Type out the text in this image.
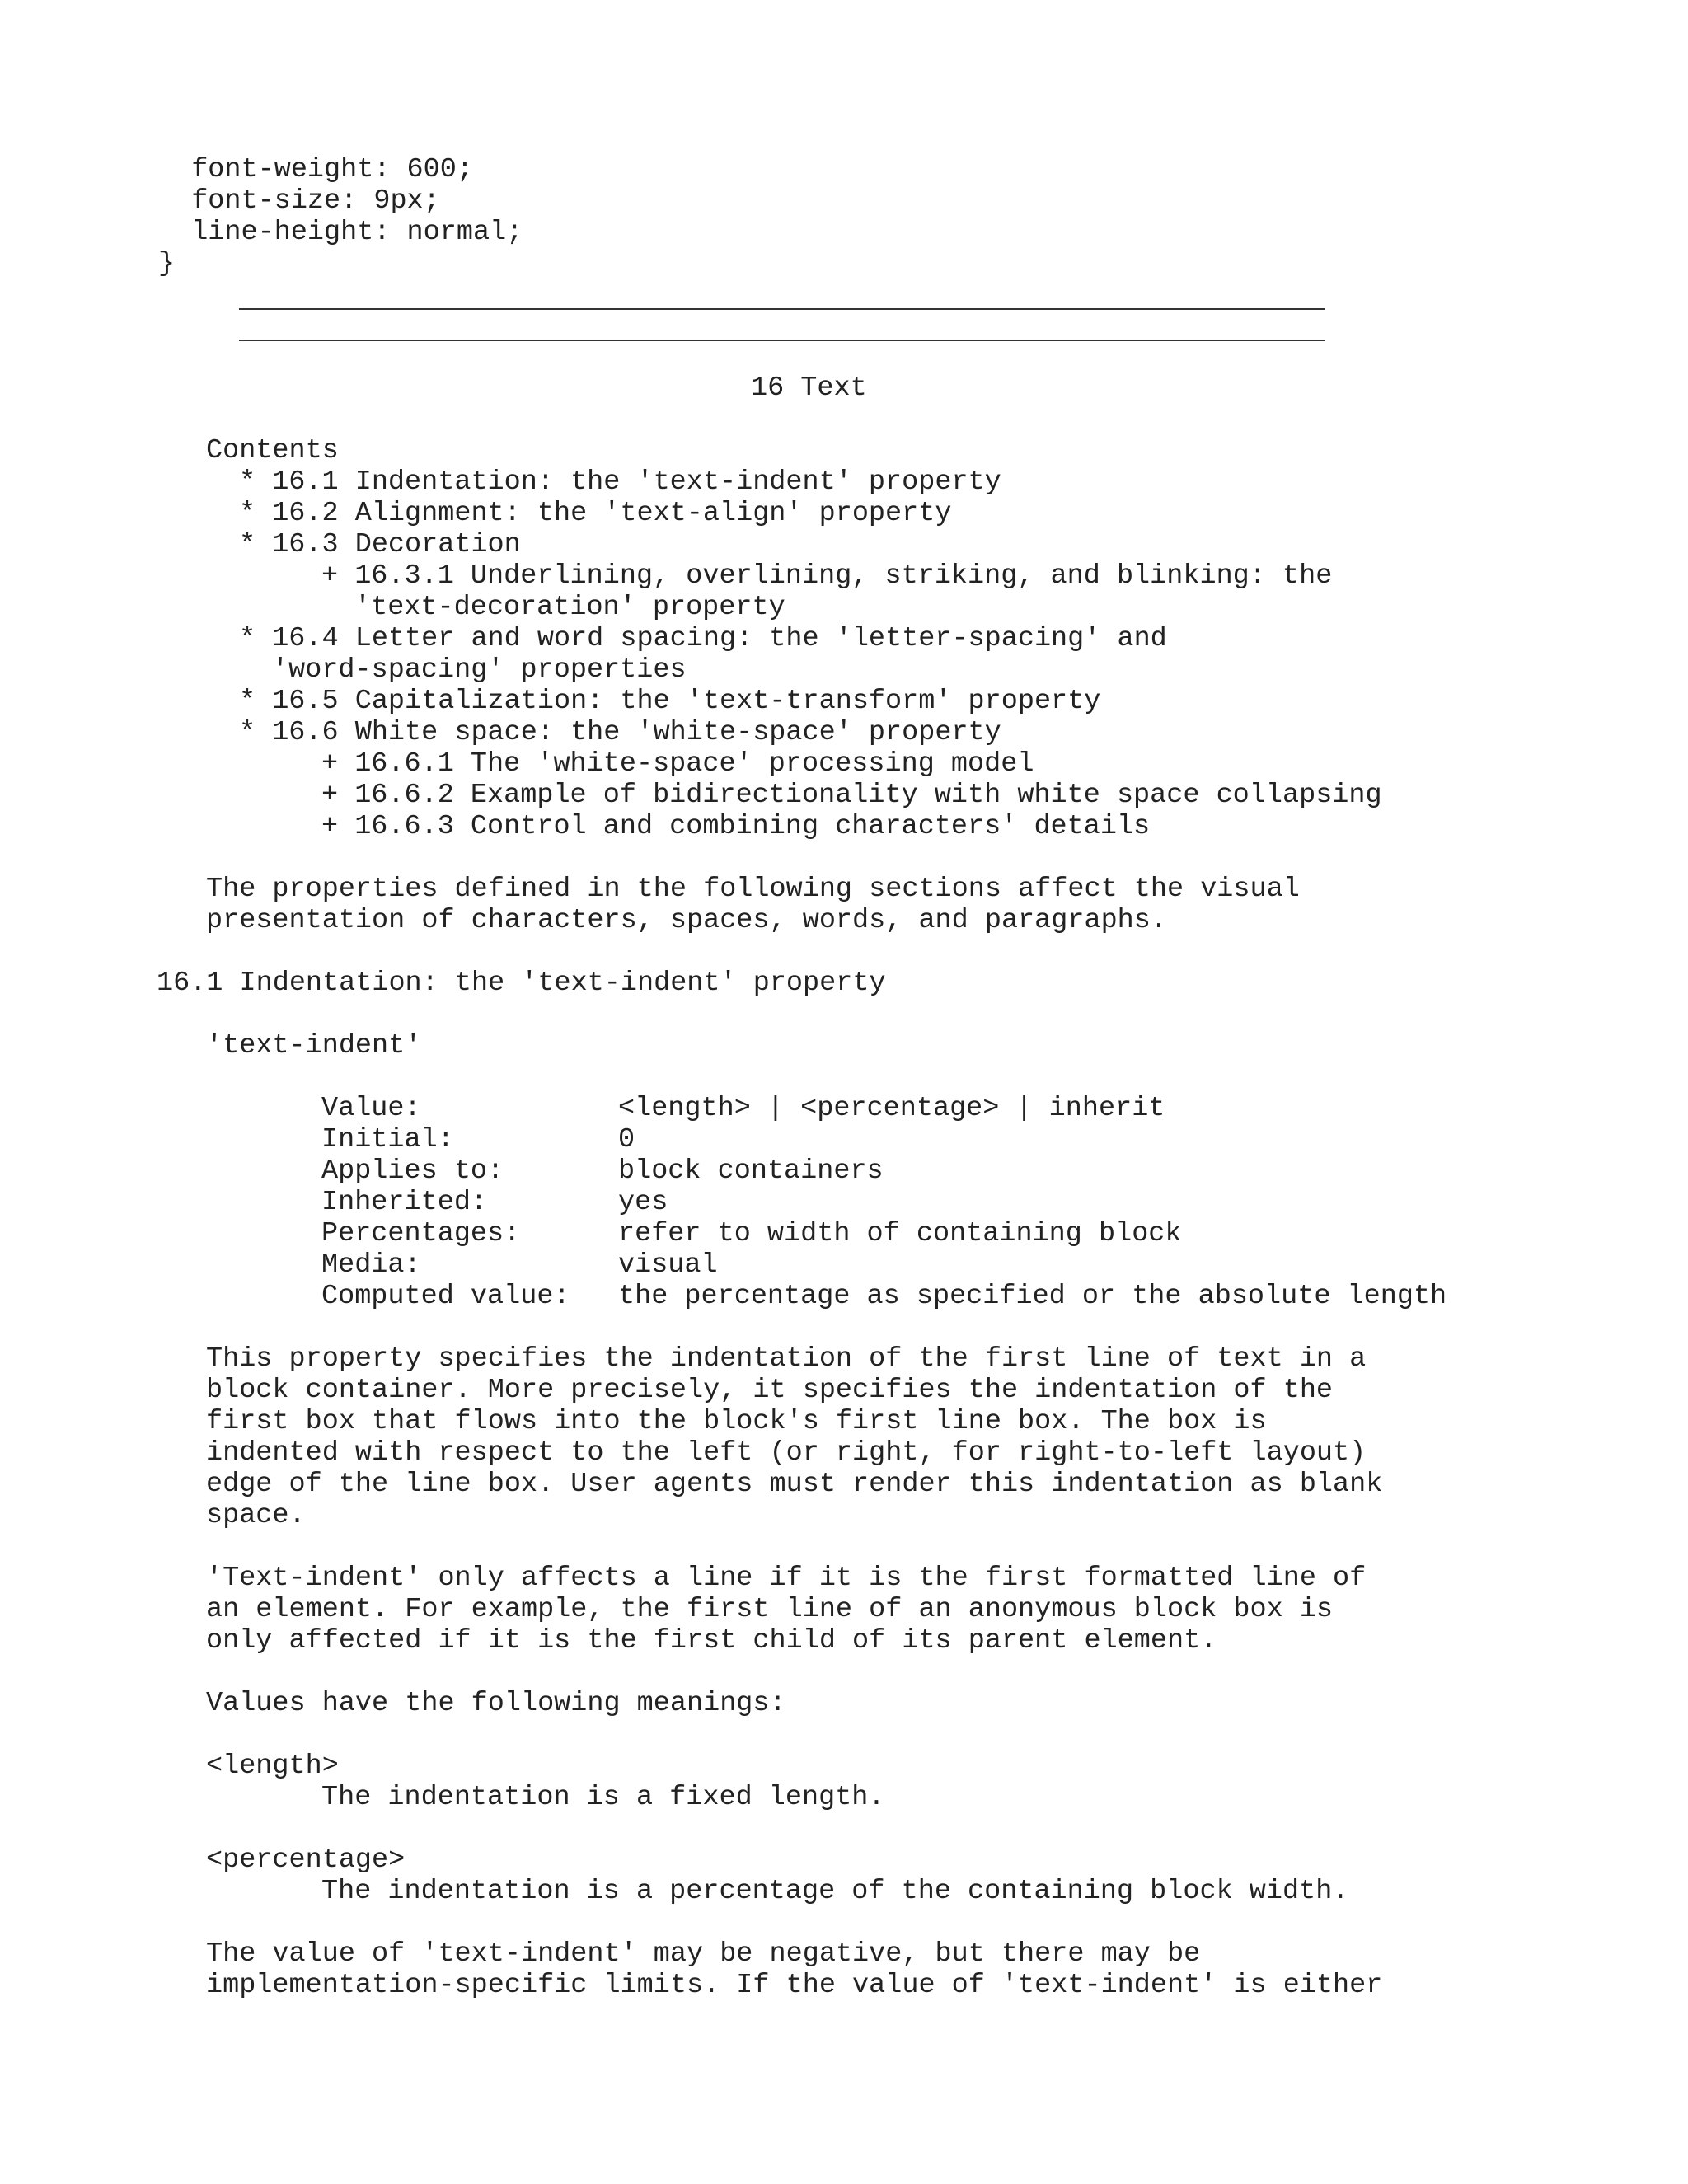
font-weight: 600;
font-size: 9px;
line-height: normal;
}
16 Text
Contents
* 16.1 Indentation: the 'text-indent' property
* 16.2 Alignment: the 'text-align' property
* 16.3 Decoration
+ 16.3.1 Underlining, overlining, striking, and blinking: the
'text-decoration' property
* 16.4 Letter and word spacing: the 'letter-spacing' and
'word-spacing' properties
* 16.5 Capitalization: the 'text-transform' property
* 16.6 White space: the 'white-space' property
+ 16.6.1 The 'white-space' processing model
+ 16.6.2 Example of bidirectionality with white space collapsing
+ 16.6.3 Control and combining characters' details
The properties defined in the following sections affect the visual
presentation of characters, spaces, words, and paragraphs.
16.1 Indentation: the 'text-indent' property
'text-indent'
Value:	<length> | <percentage> | inherit
Initial:	0
Applies to:	block containers
Inherited:	yes
Percentages:	refer to width of containing block
Media:	visual
Computed value: the percentage as specified or the absolute length
This property specifies the indentation of the first line of text in a
block container. More precisely, it specifies the indentation of the
first box that flows into the block's first line box. The box is
indented with respect to the left (or right, for right-to-left layout)
edge of the line box. User agents must render this indentation as blank
space.
'Text-indent' only affects a line if it is the first formatted line of
an element. For example, the first line of an anonymous block box is
only affected if it is the first child of its parent element.
Values have the following meanings:
<length>
The indentation is a fixed length.
<percentage>
The indentation is a percentage of the containing block width.
The value of 'text-indent' may be negative, but there may be
implementation-specific limits. If the value of 'text-indent' is either
